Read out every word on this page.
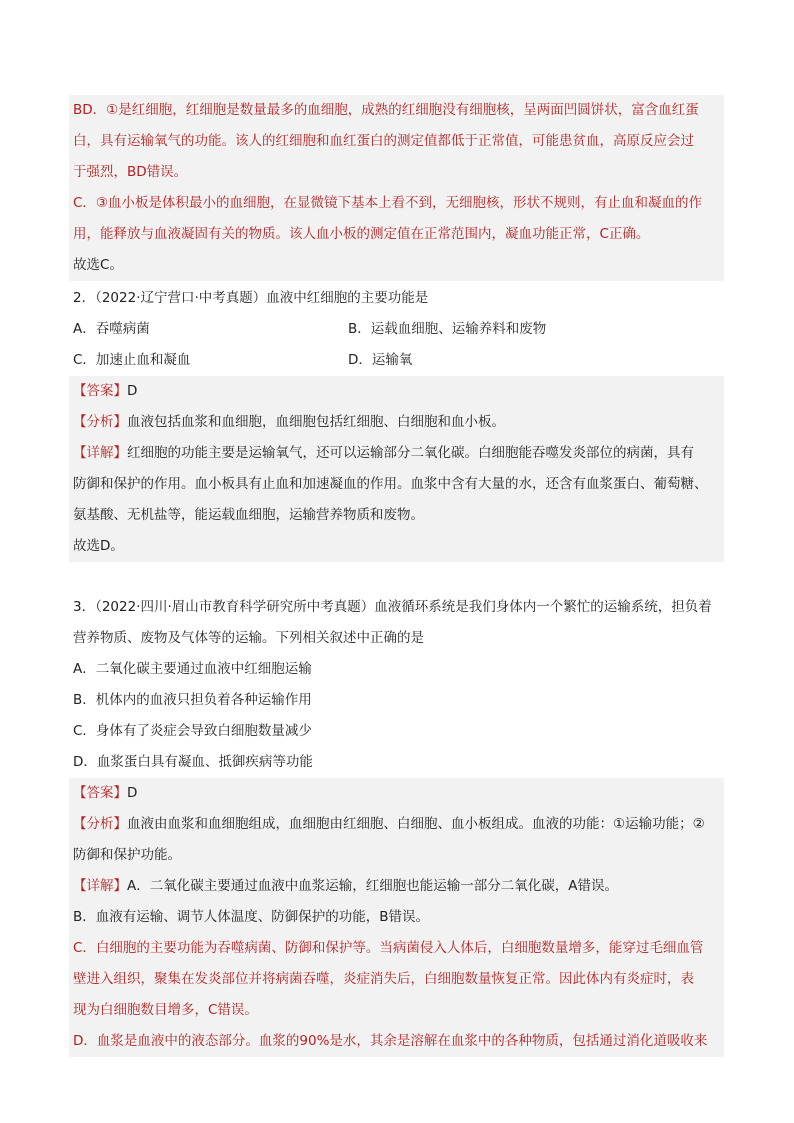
BD．①是红细胞，红细胞是数量最多的血细胞，成熟的红细胞没有细胞核，呈两面凹圆饼状，富含血红蛋
白，具有运输氧气的功能。该人的红细胞和血红蛋白的测定值都低于正常值，可能患贫血，高原反应会过
于强烈，BD错误。
C．③血小板是体积最小的血细胞，在显微镜下基本上看不到，无细胞核，形状不规则，有止血和凝血的作
用，能释放与血液凝固有关的物质。该人血小板的测定值在正常范围内，凝血功能正常，C正确。
故选C。
2．（2022·辽宁营口·中考真题）血液中红细胞的主要功能是
A．吞噬病菌	B．运载血细胞、运输养料和废物
C．加速止血和凝血	D．运输氧
【答案】D
【分析】血液包括血浆和血细胞，血细胞包括红细胞、白细胞和血小板。
【详解】红细胞的功能主要是运输氧气，还可以运输部分二氧化碳。白细胞能吞噬发炎部位的病菌，具有
防御和保护的作用。血小板具有止血和加速凝血的作用。血浆中含有大量的水，还含有血浆蛋白、葡萄糖、
氨基酸、无机盐等，能运载血细胞，运输营养物质和废物。
故选D。
3．（2022·四川·眉山市教育科学研究所中考真题）血液循环系统是我们身体内一个繁忙的运输系统，担负着
营养物质、废物及气体等的运输。下列相关叙述中正确的是
A．二氧化碳主要通过血液中红细胞运输
B．机体内的血液只担负着各种运输作用
C．身体有了炎症会导致白细胞数量减少
D．血浆蛋白具有凝血、抵御疾病等功能
【答案】D
【分析】血液由血浆和血细胞组成，血细胞由红细胞、白细胞、血小板组成。血液的功能：①运输功能；②
防御和保护功能。
【详解】A．二氧化碳主要通过血液中血浆运输，红细胞也能运输一部分二氧化碳，A错误。
B．血液有运输、调节人体温度、防御保护的功能，B错误。
C．白细胞的主要功能为吞噬病菌、防御和保护等。当病菌侵入人体后，白细胞数量增多，能穿过毛细血管
壁进入组织，聚集在发炎部位并将病菌吞噬，炎症消失后，白细胞数量恢复正常。因此体内有炎症时，表
现为白细胞数目增多，C错误。
D．血浆是血液中的液态部分。血浆的90%是水，其余是溶解在血浆中的各种物质，包括通过消化道吸收来
